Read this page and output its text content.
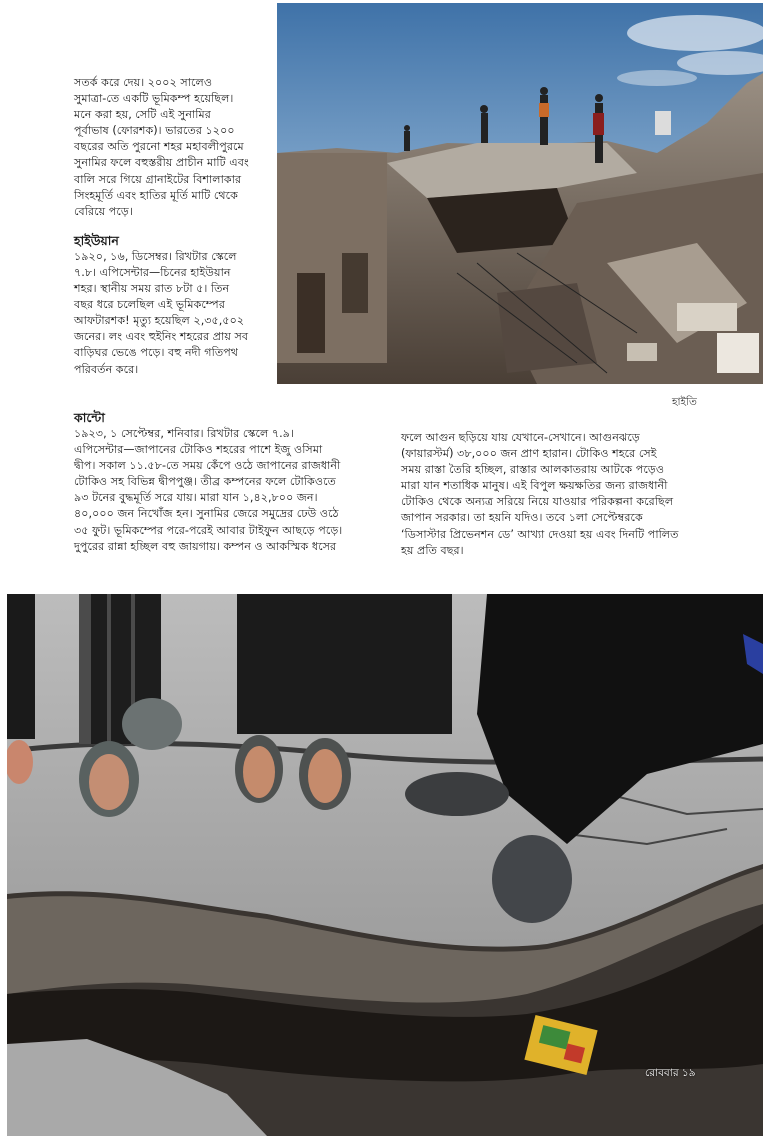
সতর্ক করে দেয়। ২০০২ সালেও

সুমাত্রা-তে একটি ভূমিকম্প হয়েছিল।

মনে করা হয়, সেটি এই সুনামির

পূর্বাভাষ (ফোরশক)। ভারতের ১২০০

বছরের অতি পুরনো শহর মহাবলীপুরমে

সুনামির ফলে বহুস্তরীয় প্রাচীন মাটি এবং

বালি সরে গিয়ে গ্রানাইটের বিশালাকার

সিংহমূর্তি এবং হাতির মূর্তি মাটি থেকে

বেরিয়ে পড়ে।

হাইউয়ান

১৯২০, ১৬, ডিসেম্বর। রিখটার স্কেলে

৭.৮। এপিসেন্টার—চিনের হাইউয়ান

শহর। স্থানীয় সময় রাত ৮টা ৫। তিন

বছর ধরে চলেছিল এই ভূমিকম্পের

আফটারশক! মৃত্যু হয়েছিল ২,৩৫,৫০২

জনের। লং এবং হুইনিং শহরের প্রায় সব

বাড়িঘর ভেঙে পড়ে। বহু নদী গতিপথ

পরিবর্তন করে।

হাইতি
কান্টো

১৯২৩, ১ সেপ্টেম্বর, শনিবার। রিখটার স্কেলে ৭.৯।

এপিসেন্টার—জাপানের টোকিও শহরের পাশে ইজু ওসিমা

দ্বীপ। সকাল ১১.৫৮-তে সময় কেঁপে ওঠে জাপানের রাজধানী

টোকিও সহ বিভিন্ন দ্বীপপুঞ্জ। তীব্র কম্পনের ফলে টোকিওতে

৯৩ টনের বুদ্ধমূর্তি সরে যায়। মারা যান ১,৪২,৮০০ জন।

৪০,০০০ জন নিখোঁজ হন। সুনামির জেরে সমুদ্রের ঢেউ ওঠে

৩৫ ফুট। ভূমিকম্পের পরে-পরেই আবার টাইফুন আছড়ে পড়ে।

দুপুরের রান্না হচ্ছিল বহু জায়গায়। কম্পন ও আকস্মিক ধসের

ফলে আগুন ছড়িয়ে যায় যেখানে-সেখানে। আগুনঝড়ে

(ফায়ারস্টর্ম) ৩৮,০০০ জন প্রাণ হারান। টোকিও শহরে সেই

সময় রাস্তা তৈরি হচ্ছিল, রাস্তার আলকাতরায় আটকে পড়েও

মারা যান শতাধিক মানুষ। এই বিপুল ক্ষয়ক্ষতির জন্য রাজধানী

টোকিও থেকে অন্যত্র সরিয়ে নিয়ে যাওয়ার পরিকল্পনা করেছিল

জাপান সরকার। তা হয়নি যদিও। তবে ১লা সেপ্টেম্বরকে

‘ডিসাস্টার প্রিভেনশন ডে’ আখ্যা দেওয়া হয় এবং দিনটি পালিত

হয় প্রতি বছর।

রোববার ১৯
